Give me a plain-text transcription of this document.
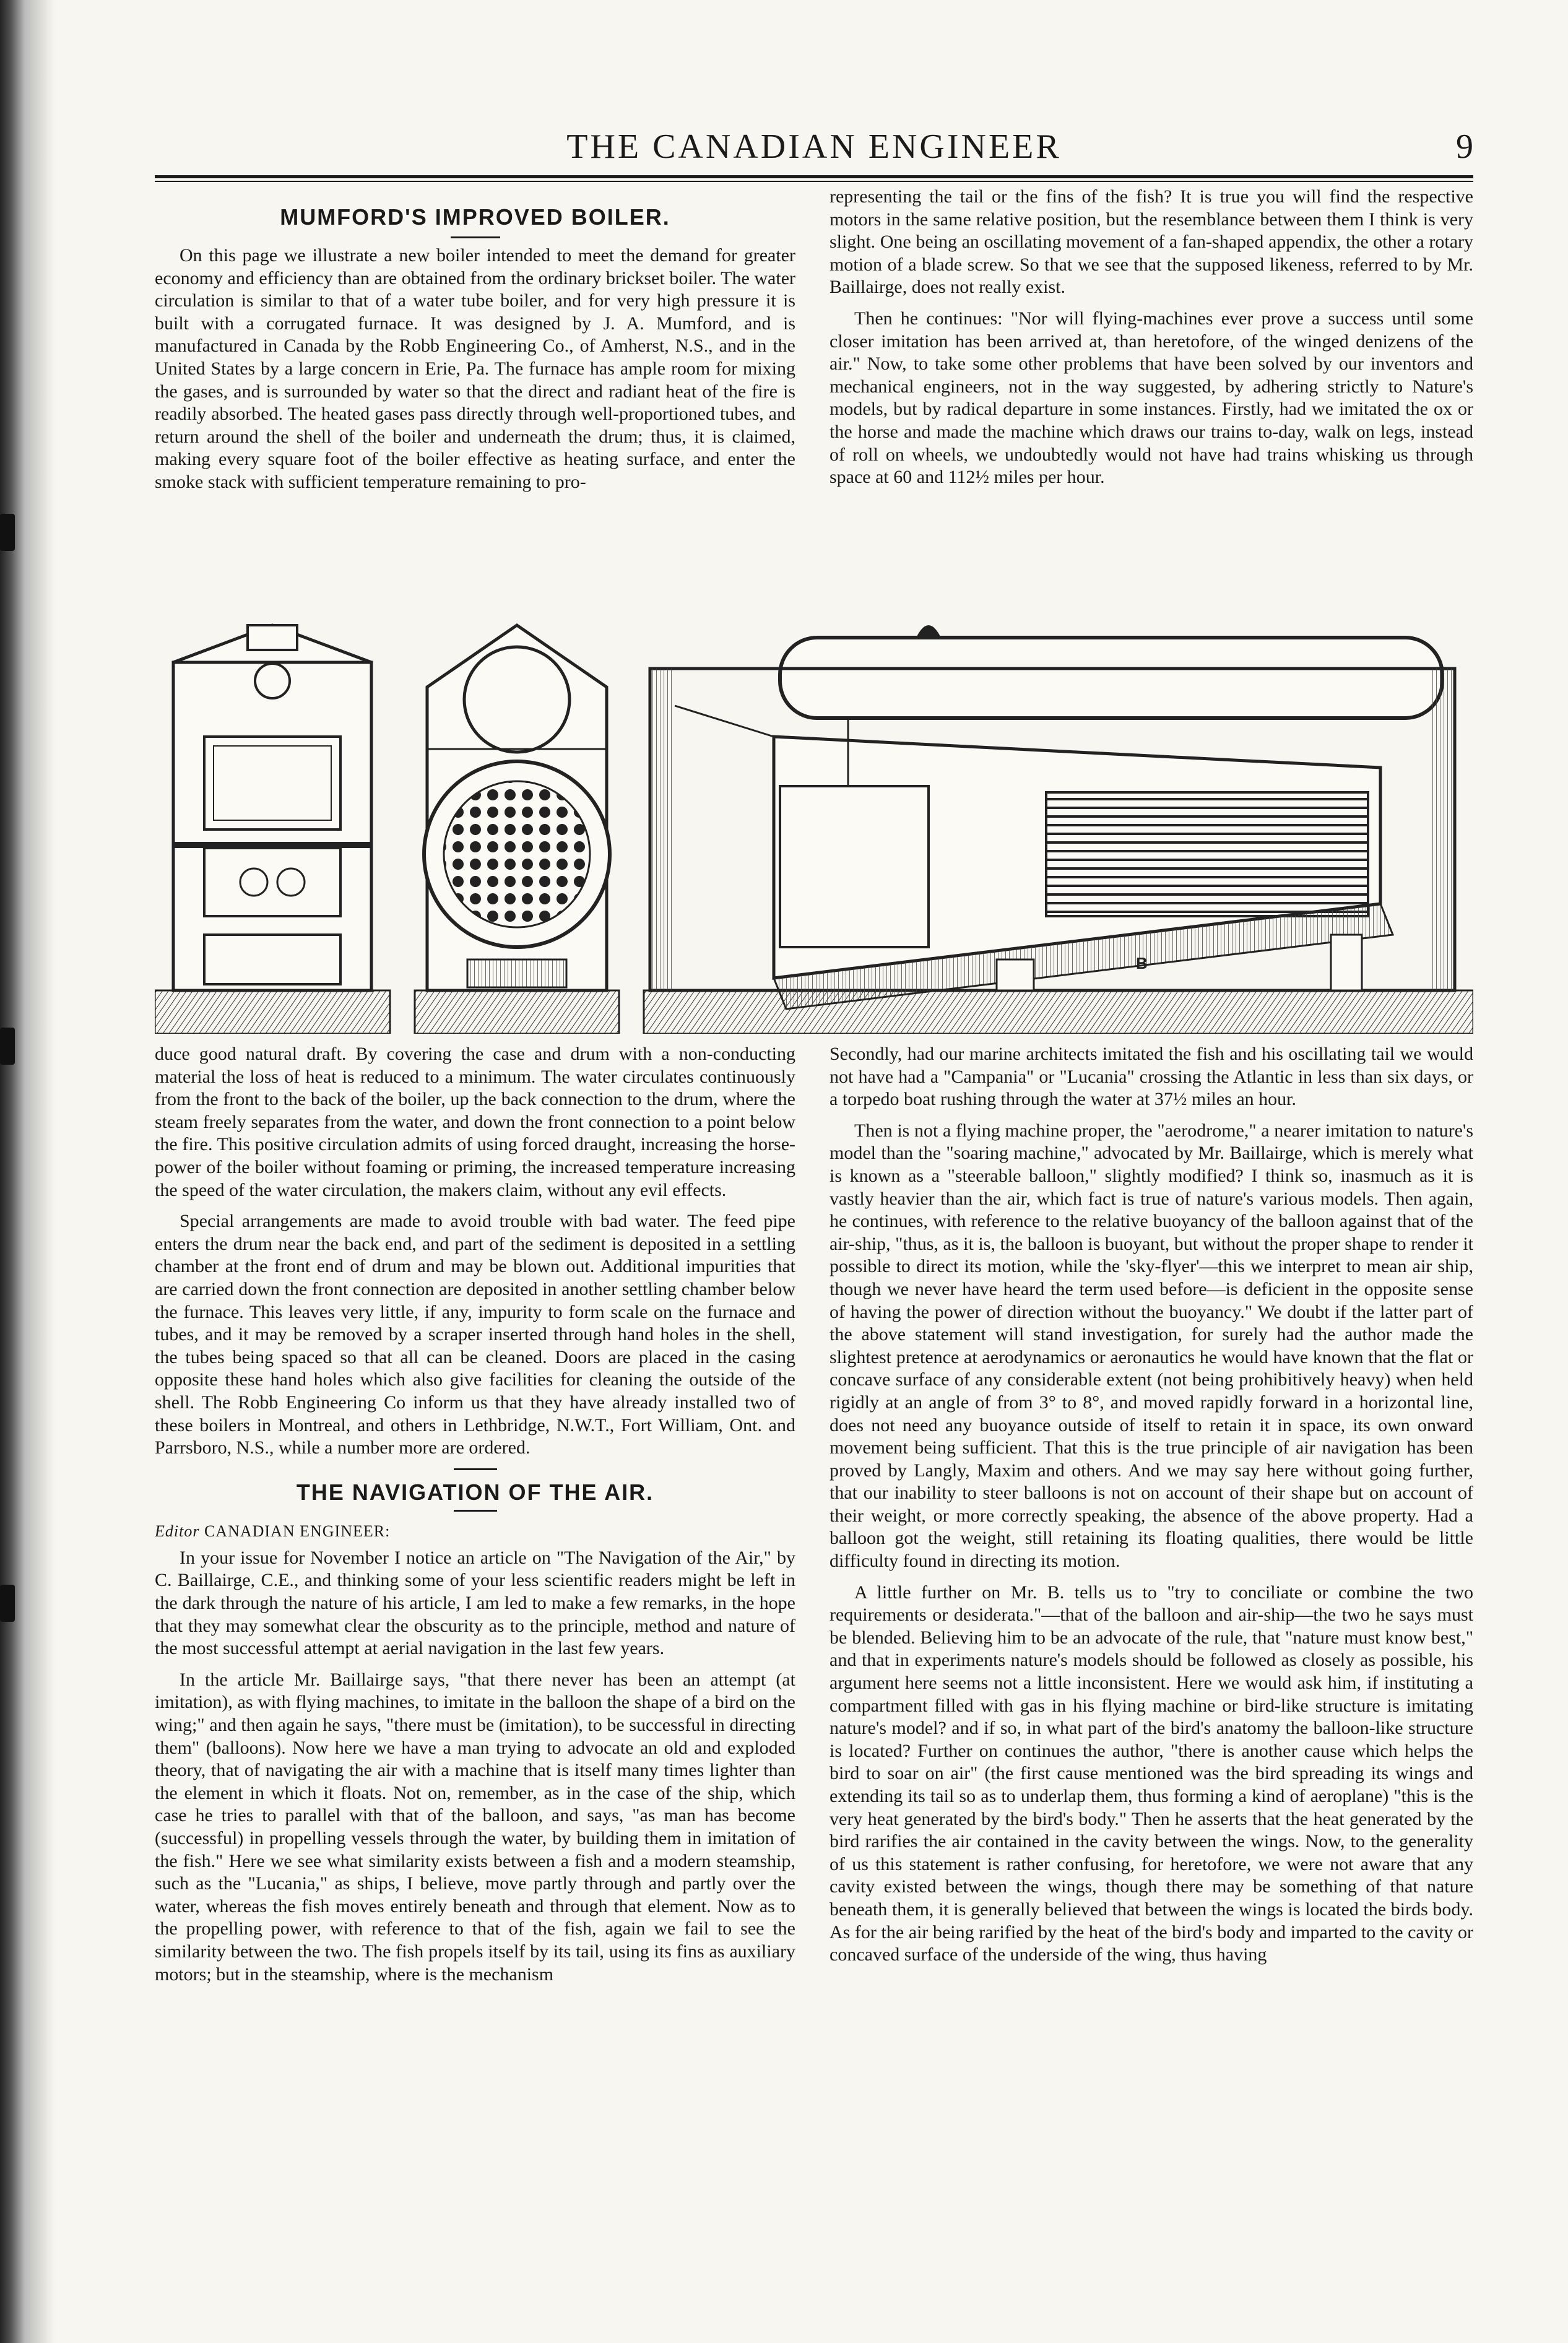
THE CANADIAN ENGINEER	9
MUMFORD'S IMPROVED BOILER.

On this page we illustrate a new boiler intended to meet the demand for greater economy and efficiency than are obtained from the ordinary brickset boiler. The water circulation is similar to that of a water tube boiler, and for very high pressure it is built with a corrugated furnace. It was designed by J. A. Mumford, and is manufactured in Canada by the Robb Engineering Co., of Amherst, N.S., and in the United States by a large concern in Erie, Pa. The furnace has ample room for mixing the gases, and is surrounded by water so that the direct and radiant heat of the fire is readily absorbed. The heated gases pass directly through well-proportioned tubes, and return around the shell of the boiler and underneath the drum; thus, it is claimed, making every square foot of the boiler effective as heating surface, and enter the smoke stack with sufficient temperature remaining to pro-

representing the tail or the fins of the fish? It is true you will find the respective motors in the same relative position, but the resemblance between them I think is very slight. One being an oscillating movement of a fan-shaped appendix, the other a rotary motion of a blade screw. So that we see that the supposed likeness, referred to by Mr. Baillairge, does not really exist.

Then he continues: "Nor will flying-machines ever prove a success until some closer imitation has been arrived at, than heretofore, of the winged denizens of the air." Now, to take some other problems that have been solved by our inventors and mechanical engineers, not in the way suggested, by adhering strictly to Nature's models, but by radical departure in some instances. Firstly, had we imitated the ox or the horse and made the machine which draws our trains to-day, walk on legs, instead of roll on wheels, we undoubtedly would not have had trains whisking us through space at 60 and 112½ miles per hour.

B

duce good natural draft. By covering the case and drum with a non-conducting material the loss of heat is reduced to a minimum. The water circulates continuously from the front to the back of the boiler, up the back connection to the drum, where the steam freely separates from the water, and down the front connection to a point below the fire. This positive circulation admits of using forced draught, increasing the horse-power of the boiler without foaming or priming, the increased temperature increasing the speed of the water circulation, the makers claim, without any evil effects.

Special arrangements are made to avoid trouble with bad water. The feed pipe enters the drum near the back end, and part of the sediment is deposited in a settling chamber at the front end of drum and may be blown out. Additional impurities that are carried down the front connection are deposited in another settling chamber below the furnace. This leaves very little, if any, impurity to form scale on the furnace and tubes, and it may be removed by a scraper inserted through hand holes in the shell, the tubes being spaced so that all can be cleaned. Doors are placed in the casing opposite these hand holes which also give facilities for cleaning the outside of the shell. The Robb Engineering Co inform us that they have already installed two of these boilers in Montreal, and others in Lethbridge, N.W.T., Fort William, Ont. and Parrsboro, N.S., while a number more are ordered.

THE NAVIGATION OF THE AIR.
Editor CANADIAN ENGINEER:

In your issue for November I notice an article on "The Navigation of the Air," by C. Baillairge, C.E., and thinking some of your less scientific readers might be left in the dark through the nature of his article, I am led to make a few remarks, in the hope that they may somewhat clear the obscurity as to the principle, method and nature of the most successful attempt at aerial navigation in the last few years.

In the article Mr. Baillairge says, "that there never has been an attempt (at imitation), as with flying machines, to imitate in the balloon the shape of a bird on the wing;" and then again he says, "there must be (imitation), to be successful in directing them" (balloons). Now here we have a man trying to advocate an old and exploded theory, that of navigating the air with a machine that is itself many times lighter than the element in which it floats. Not on, remember, as in the case of the ship, which case he tries to parallel with that of the balloon, and says, "as man has become (successful) in propelling vessels through the water, by building them in imitation of the fish." Here we see what similarity exists between a fish and a modern steamship, such as the "Lucania," as ships, I believe, move partly through and partly over the water, whereas the fish moves entirely beneath and through that element. Now as to the propelling power, with reference to that of the fish, again we fail to see the similarity between the two. The fish propels itself by its tail, using its fins as auxiliary motors; but in the steamship, where is the mechanism

Secondly, had our marine architects imitated the fish and his oscillating tail we would not have had a "Campania" or "Lucania" crossing the Atlantic in less than six days, or a torpedo boat rushing through the water at 37½ miles an hour.

Then is not a flying machine proper, the "aerodrome," a nearer imitation to nature's model than the "soaring machine," advocated by Mr. Baillairge, which is merely what is known as a "steerable balloon," slightly modified? I think so, inasmuch as it is vastly heavier than the air, which fact is true of nature's various models. Then again, he continues, with reference to the relative buoyancy of the balloon against that of the air-ship, "thus, as it is, the balloon is buoyant, but without the proper shape to render it possible to direct its motion, while the 'sky-flyer'—this we interpret to mean air ship, though we never have heard the term used before—is deficient in the opposite sense of having the power of direction without the buoyancy." We doubt if the latter part of the above statement will stand investigation, for surely had the author made the slightest pretence at aerodynamics or aeronautics he would have known that the flat or concave surface of any considerable extent (not being prohibitively heavy) when held rigidly at an angle of from 3° to 8°, and moved rapidly forward in a horizontal line, does not need any buoyance outside of itself to retain it in space, its own onward movement being sufficient. That this is the true principle of air navigation has been proved by Langly, Maxim and others. And we may say here without going further, that our inability to steer balloons is not on account of their shape but on account of their weight, or more correctly speaking, the absence of the above property. Had a balloon got the weight, still retaining its floating qualities, there would be little difficulty found in directing its motion.

A little further on Mr. B. tells us to "try to conciliate or combine the two requirements or desiderata."—that of the balloon and air-ship—the two he says must be blended. Believing him to be an advocate of the rule, that "nature must know best," and that in experiments nature's models should be followed as closely as possible, his argument here seems not a little inconsistent. Here we would ask him, if instituting a compartment filled with gas in his flying machine or bird-like structure is imitating nature's model? and if so, in what part of the bird's anatomy the balloon-like structure is located? Further on continues the author, "there is another cause which helps the bird to soar on air" (the first cause mentioned was the bird spreading its wings and extending its tail so as to underlap them, thus forming a kind of aeroplane) "this is the very heat generated by the bird's body." Then he asserts that the heat generated by the bird rarifies the air contained in the cavity between the wings. Now, to the generality of us this statement is rather confusing, for heretofore, we were not aware that any cavity existed between the wings, though there may be something of that nature beneath them, it is generally believed that between the wings is located the birds body. As for the air being rarified by the heat of the bird's body and imparted to the cavity or concaved surface of the underside of the wing, thus having
